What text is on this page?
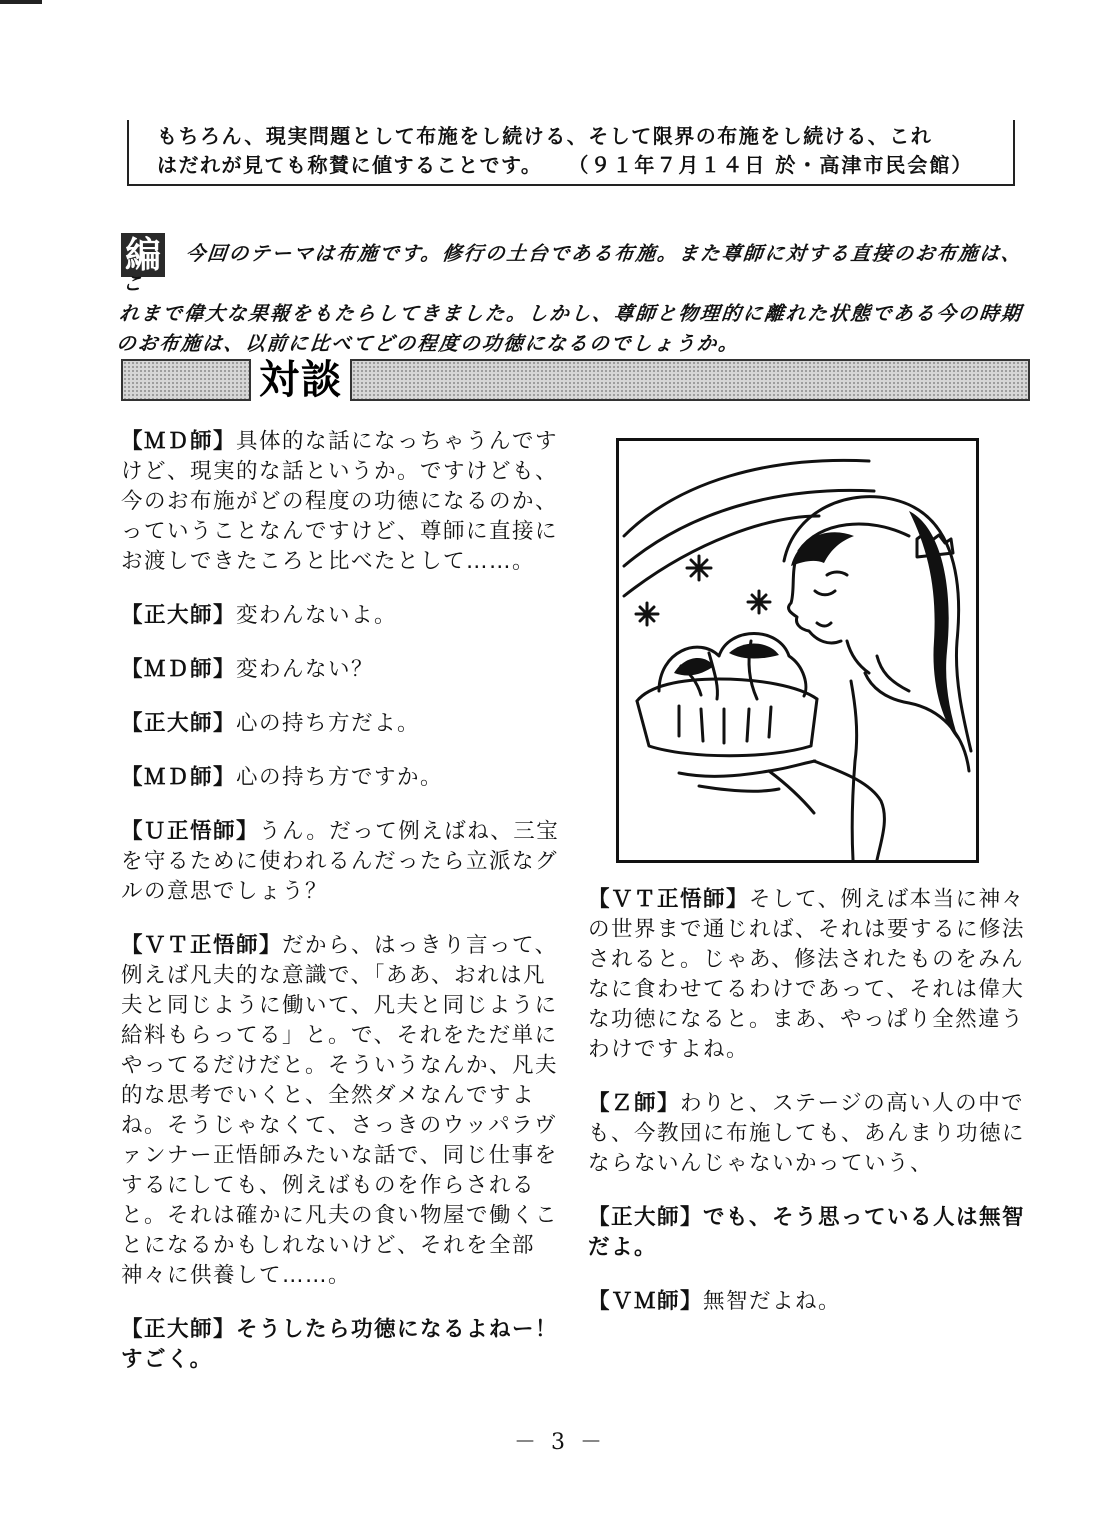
もちろん、現実問題として布施をし続ける、そして限界の布施をし続ける、これ

はだれが見ても称賛に値することです。 （９１年７月１４日 於・高津市民会館）

編	今回のテーマは布施です。修行の土台である布施。また尊師に対する直接のお布施は、こ

れまで偉大な果報をもたらしてきました。しかし、尊師と物理的に離れた状態である今の時期

のお布施は、以前に比べてどの程度の功徳になるのでしょうか。

対談

【ＭＤ師】具体的な話になっちゃうんですけど、現実的な話というか。ですけども、今のお布施がどの程度の功徳になるのか、っていうことなんですけど、尊師に直接にお渡しできたころと比べたとして……。

【正大師】変わんないよ。

【ＭＤ師】変わんない？

【正大師】心の持ち方だよ。

【ＭＤ師】心の持ち方ですか。

【Ｕ正悟師】うん。だって例えばね、三宝を守るために使われるんだったら立派なグルの意思でしょう？

【ＶＴ正悟師】だから、はっきり言って、例えば凡夫的な意識で、「ああ、おれは凡夫と同じように働いて、凡夫と同じように給料もらってる」と。で、それをただ単にやってるだけだと。そういうなんか、凡夫的な思考でいくと、全然ダメなんですよね。そうじゃなくて、さっきのウッパラヴァンナー正悟師みたいな話で、同じ仕事をするにしても、例えばものを作らされると。それは確かに凡夫の食い物屋で働くことになるかもしれないけど、それを全部神々に供養して……。

【正大師】そうしたら功徳になるよねー！すごく。

【ＶＴ正悟師】そして、例えば本当に神々の世界まで通じれば、それは要するに修法されると。じゃあ、修法されたものをみんなに食わせてるわけであって、それは偉大な功徳になると。まあ、やっぱり全然違うわけですよね。

【Ｚ師】わりと、ステージの高い人の中でも、今教団に布施しても、あんまり功徳にならないんじゃないかっていう、

【正大師】でも、そう思っている人は無智だよ。

【ＶＭ師】無智だよね。

－ 3 －
